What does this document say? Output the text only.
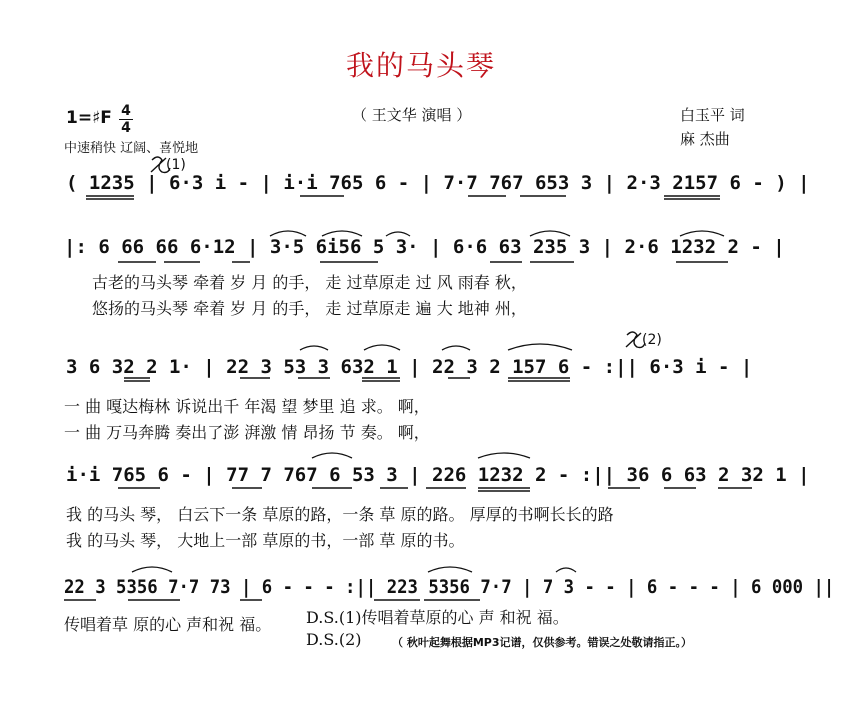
我的马头琴
（ 王文华 演唱 ）
1=♯F 4
4
中速稍快 辽阔、喜悦地
白玉平 词
麻 杰曲
(1)
(2)
( 1235 | 6·3 i - | i·i 765 6 - | 7·7 767 653 3 | 2·3 2157 6 - ) |
|: 6 66 66 6·12 | 3·5 6i56 5 3· | 6·6 63 235 3 | 2·6 1232 2 - |
古老的马头琴 牵着 岁 月 的手， 走 过草原走 过 风 雨春 秋，
悠扬的马头琴 牵着 岁 月 的手， 走 过草原走 遍 大 地神 州，
3 6 32 2 1· | 22 3 53 3 632 1 | 22 3 2 157 6 - :|| 6·3 i - |
一 曲 嘎达梅林 诉说出千 年渴 望 梦里 追 求。 啊，
一 曲 万马奔腾 奏出了澎 湃激 情 昂扬 节 奏。 啊，
i·i 765 6 - | 77 7 767 6 53 3 | 226 1232 2 - :|| 36 6 63 2 32 1 |
我 的马头 琴， 白云下一条 草原的路，一条 草 原的路。 厚厚的书啊长长的路
我 的马头 琴， 大地上一部 草原的书，一部 草 原的书。
22 3 5356 7·7 73 | 6 - - - :|| 223 5356 7·7 | 7 3 - - | 6 - - - | 6 000 ||
传唱着草 原的心 声和祝 福。 D.S.(1)传唱着草原的心 声 和祝 福。
D.S.(2)	（ 秋叶起舞根据MP3记谱，仅供参考。错误之处敬请指正。）
